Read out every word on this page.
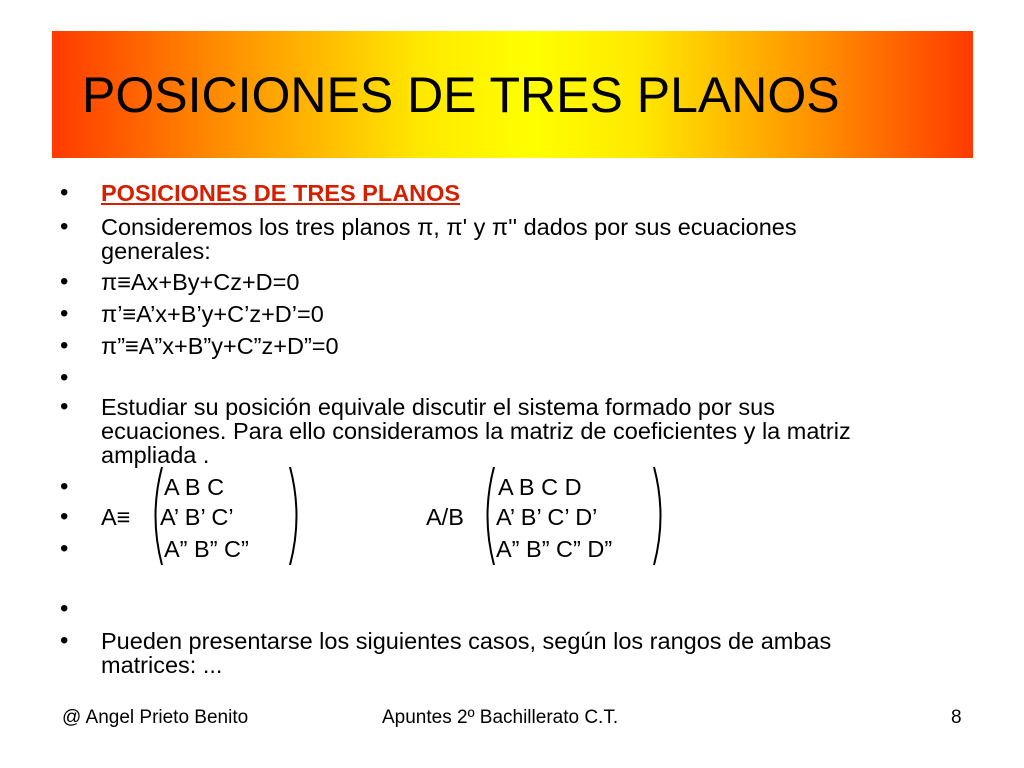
POSICIONES DE TRES PLANOS
• POSICIONES DE TRES PLANOS
• Consideremos los tres planos π, π' y π'' dados por sus ecuaciones
generales:
• π≡Ax+By+Cz+D=0
• π’≡A’x+B’y+C’z+D’=0
• π”≡A”x+B”y+C”z+D”=0
•
• Estudiar su posición equivale discutir el sistema formado por sus
ecuaciones. Para ello consideramos la matriz de coeficientes y la matriz
ampliada .
•
•
•
A≡
A B C
A’ B’ C’
A” B” C”
A/B
A B C D
A’ B’ C’ D’
A” B” C” D”
•
• Pueden presentarse los siguientes casos, según los rangos de ambas
matrices: ...
@ Angel Prieto Benito	Apuntes 2º Bachillerato C.T.	8
